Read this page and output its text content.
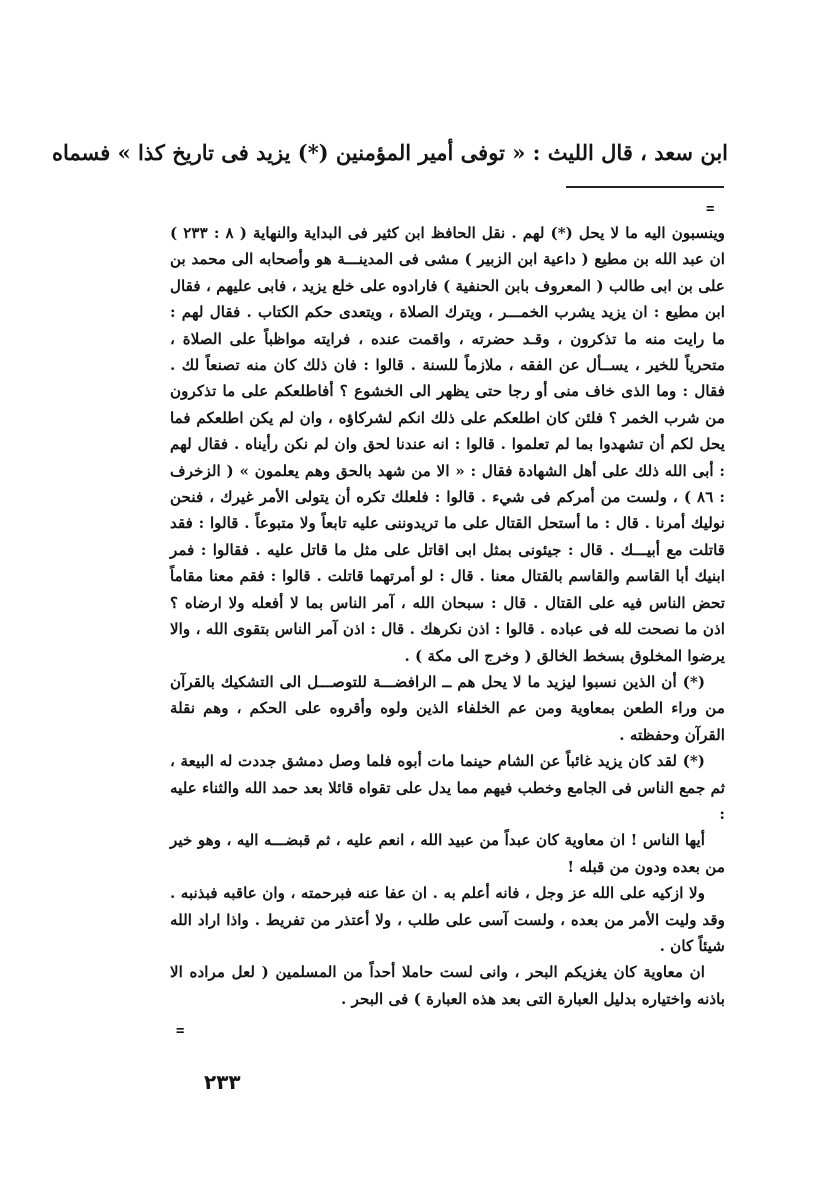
ابن سعد ، قال الليث : « توفى أمير المؤمنين (*) يزيد فى تاريخ كذا » فسماه
=

وينسبون اليه ما لا يحل (*) لهم . نقل الحافظ ابن كثير فى البداية والنهاية ( ٨ : ٢٣٣ ) ان عبد الله بن مطيع ( داعية ابن الزبير ) مشى فى المدينـــة هو وأصحابه الى محمد بن على بن ابى طالب ( المعروف بابن الحنفية ) فارادوه على خلع يزيد ، فابى عليهم ، فقال ابن مطيع : ان يزيد يشرب الخمـــر ، ويترك الصلاة ، ويتعدى حكم الكتاب . فقال لهم : ما رايت منه ما تذكرون ، وقـد حضرته ، واقمت عنده ، فرايته مواظباً على الصلاة ، متحرياً للخير ، يســأل عن الفقه ، ملازماً للسنة . قالوا : فان ذلك كان منه تصنعاً لك . فقال : وما الذى خاف منى أو رجا حتى يظهر الى الخشوع ؟ أفاطلعكم على ما تذكرون من شرب الخمر ؟ فلئن كان اطلعكم على ذلك انكم لشركاؤه ، وان لم يكن اطلعكم فما يحل لكم أن تشهدوا بما لم تعلموا . قالوا : انه عندنا لحق وان لم نكن رأيناه . فقال لهم : أبى الله ذلك على أهل الشهادة فقال : « الا من شهد بالحق وهم يعلمون » ( الزخرف : ٨٦ ) ، ولست من أمركم فى شيء . قالوا : فلعلك تكره أن يتولى الأمر غيرك ، فنحن نوليك أمرنا . قال : ما أستحل القتال على ما تريدوننى عليه تابعاً ولا متبوعاً . قالوا : فقد قاتلت مع أبيـــك . قال : جيئونى بمثل ابى اقاتل على مثل ما قاتل عليه . فقالوا : فمر ابنيك أبا القاسم والقاسم بالقتال معنا . قال : لو أمرتهما قاتلت . قالوا : فقم معنا مقاماً تحض الناس فيه على القتال . قال : سبحان الله ، آمر الناس بما لا أفعله ولا ارضاه ؟ اذن ما نصحت لله فى عباده . قالوا : اذن نكرهك . قال : اذن آمر الناس بتقوى الله ، والا يرضوا المخلوق بسخط الخالق ( وخرج الى مكة ) .

(*) أن الذين نسبوا ليزيد ما لا يحل هم ــ الرافضـــة للتوصـــل الى التشكيك بالقرآن من وراء الطعن بمعاوية ومن عم الخلفاء الذين ولوه وأقروه على الحكم ، وهم نقلة القرآن وحفظته .

(*) لقد كان يزيد غائباً عن الشام حينما مات أبوه فلما وصل دمشق جددت له البيعة ، ثم جمع الناس فى الجامع وخطب فيهم مما يدل على تقواه قائلا بعد حمد الله والثناء عليه :

أيها الناس ! ان معاوية كان عبداً من عبيد الله ، انعم عليه ، ثم قبضـــه اليه ، وهو خير من بعده ودون من قبله !

ولا ازكيه على الله عز وجل ، فانه أعلم به . ان عفا عنه فبرحمته ، وان عاقبه فبذنبه . وقد وليت الأمر من بعده ، ولست آسى على طلب ، ولا أعتذر من تفريط . واذا اراد الله شيئاً كان .

ان معاوية كان يغزيكم البحر ، وانى لست حاملا أحداً من المسلمين ( لعل مراده الا باذنه واختياره بدليل العبارة التى بعد هذه العبارة ) فى البحر .

=
٢٣٣
